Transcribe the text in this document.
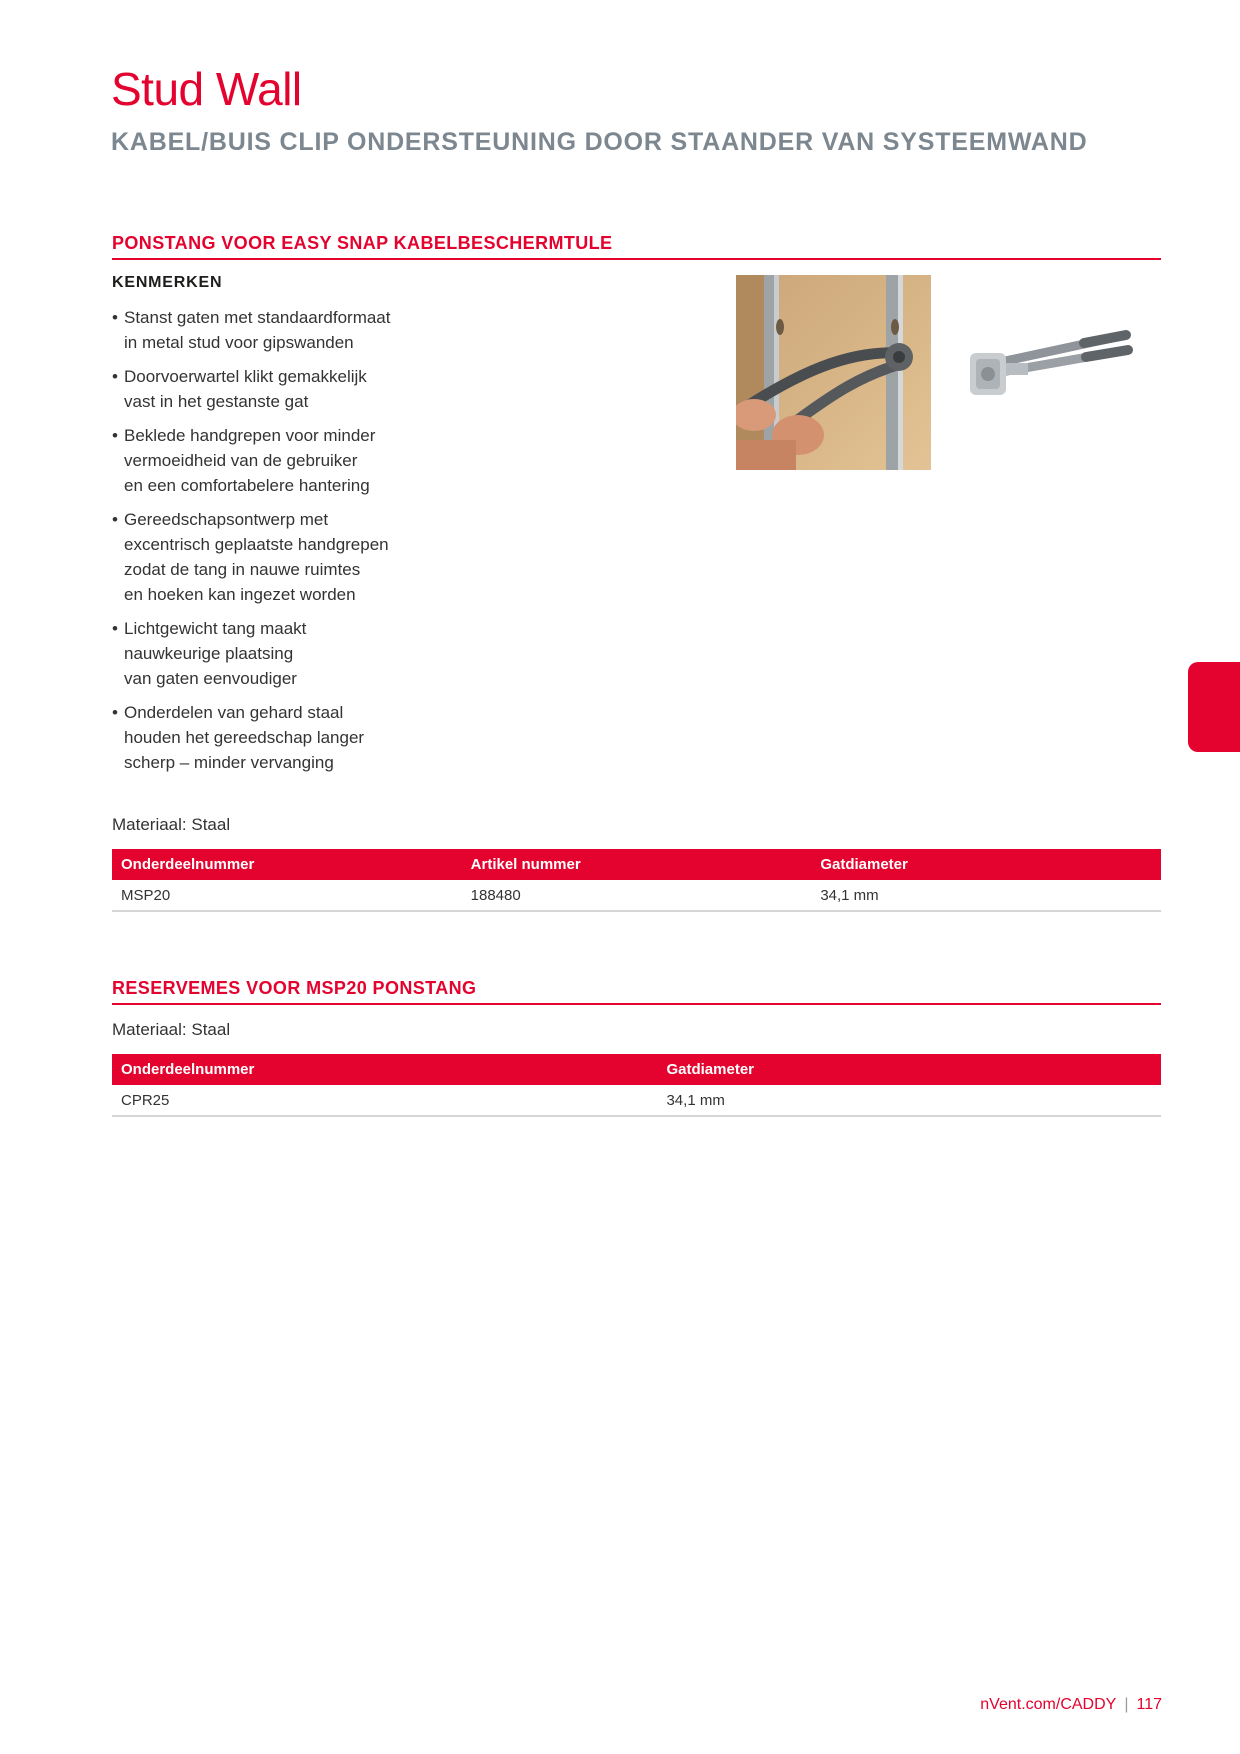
Stud Wall
KABEL/BUIS CLIP ONDERSTEUNING DOOR STAANDER VAN SYSTEEMWAND
PONSTANG VOOR EASY SNAP KABELBESCHERMTULE
KENMERKEN
• Stanst gaten met standaardformaat
in metal stud voor gipswanden
• Doorvoerwartel klikt gemakkelijk
vast in het gestanste gat
• Beklede handgrepen voor minder
vermoeidheid van de gebruiker
en een comfortabelere hantering
• Gereedschapsontwerp met
excentrisch geplaatste handgrepen
zodat de tang in nauwe ruimtes
en hoeken kan ingezet worden
• Lichtgewicht tang maakt
nauwkeurige plaatsing
van gaten eenvoudiger
• Onderdelen van gehard staal
houden het gereedschap langer
scherp – minder vervanging
Materiaal: Staal
Onderdeelnummer	Artikel nummer	Gatdiameter
MSP20	188480	34,1 mm
RESERVEMES VOOR MSP20 PONSTANG
Materiaal: Staal
Onderdeelnummer	Gatdiameter
CPR25	34,1 mm
nVent.com/CADDY | 117
